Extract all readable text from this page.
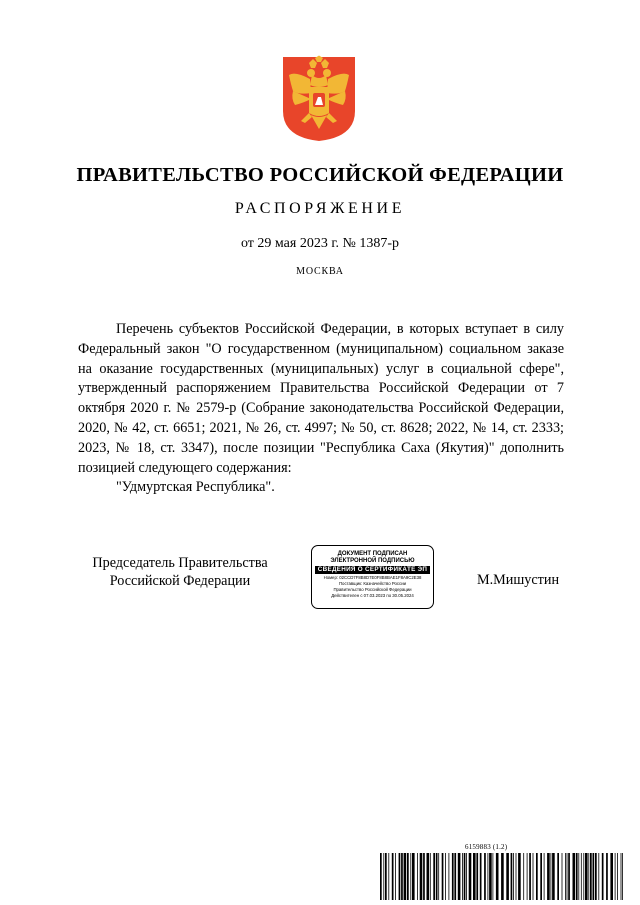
ПРАВИТЕЛЬСТВО РОССИЙСКОЙ ФЕДЕРАЦИИ
РАСПОРЯЖЕНИЕ
от 29 мая 2023 г. № 1387-р
МОСКВА

Перечень субъектов Российской Федерации, в которых вступает в силу Федеральный закон "О государственном (муниципальном) социальном заказе на оказание государственных (муниципальных) услуг в социальной сфере", утвержденный распоряжением Правительства Российской Федерации от 7 октября 2020 г. № 2579-р (Собрание законодательства Российской Федерации, 2020, № 42, ст. 6651; 2021, № 26, ст. 4997; № 50, ст. 8628; 2022, № 14, ст. 2333; 2023, № 18, ст. 3347), после позиции "Республика Саха (Якутия)" дополнить позицией следующего содержания:

"Удмуртская Республика".

Председатель Правительства
Российской Федерации
ДОКУМЕНТ ПОДПИСАН
ЭЛЕКТРОННОЙ ПОДПИСЬЮ
СВЕДЕНИЯ О СЕРТИФИКАТЕ ЭП
Номер: 02CCD7F8B8D7E0F8B8BAE1F8A9C2E38
Поставщик: Казначейство России
Правительство Российской Федерации
Действителен с 07.03.2023 по 30.05.2024
М.Мишустин
6159883 (1.2)
